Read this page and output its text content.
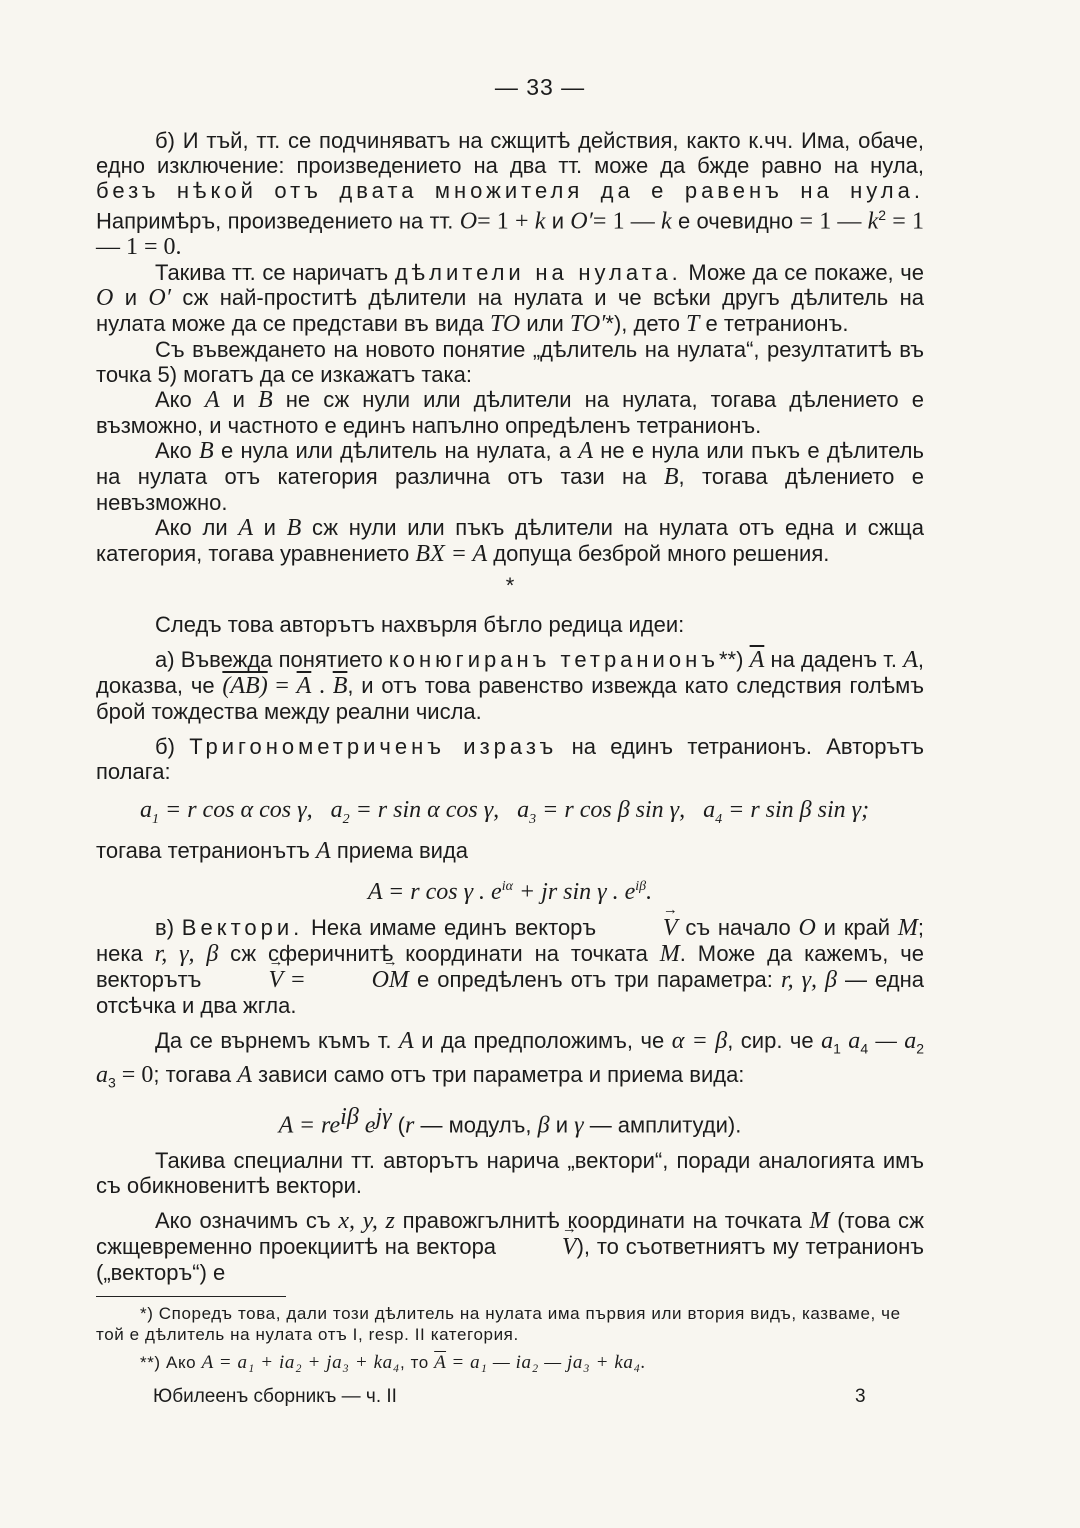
— 33 —

б) И тъй, тт. се подчиняватъ на сжщитѣ действия, както к.чч. Има, обаче, едно изключение: произведението на два тт. може да бжде равно на нула, безъ нѣкой отъ двата множителя да е равенъ на нула. Напримѣръ, произведението на тт. O= 1 + k и O′= 1 — k е очевидно = 1 — $k^2 = 1$ — 1 = 0.

Такива тт. се наричатъ дѣлители на нулата. Може да се покаже, че O и O′ сж най-проститѣ дѣлители на нулата и че всѣки другъ дѣлитель на нулата може да се представи въ вида TO или TO′*), дето T е тетранионъ.

Съ въвеждането на новото понятие „дѣлитель на нулата“, резултатитѣ въ точка 5) могатъ да се изкажатъ така:

Ако A и B не сж нули или дѣлители на нулата, тогава дѣлението е възможно, и частното е единъ напълно опредѣленъ тетранионъ.

Ако B е нула или дѣлитель на нулата, а A не е нула или пъкъ е дѣлитель на нулата отъ категория различна отъ тази на B, тогава дѣлението е невъзможно.

Ако ли A и B сж нули или пъкъ дѣлители на нулата отъ една и сжща категория, тогава уравнението BX = A допуща безброй много решения.

*

Следъ това авторътъ нахвърля бѣгло редица идеи:

а) Въвежда понятието конюгиранъ тетранионъ**) $\overline{A}$ на даденъ т. A, доказва, че $(AB) = \overline{A}$ . $\overline{B}$, и отъ това равенство извежда като следствия голѣмъ брой тождества между реални числа.

б) Тригонометриченъ изразъ на единъ тетранионъ. Авторътъ полага:

$a_1 = r$ cos α cos γ, $a_2 = r$ sin α cos γ, $a_3 = r$ cos β sin γ, $a_4 = r$ sin β sin γ;

тогава тетранионътъ A приема вида

A = r cos γ . $e^{i\alpha}$ + jr sin γ . $e^{i\beta}$.

в) Вектори. Нека имаме единъ векторъ → V съ начало O и край M; нека r, γ, β сж сферичнитѣ координати на точката M. Може да кажемъ, че векторътъ → V = → OM е опредѣленъ отъ три параметра: r, γ, β — една отсѣчка и два жгла.

Да се върнемъ къмъ т. A и да предположимъ, че α = β, сир. че $a_1$ $a_4$ — $a_2$ $a_3 = 0$; тогава A зависи само отъ три параметра и приема вида:

$A = re^{i\beta}$ $e^{j\gamma}$ (r — модулъ, β и γ — амплитуди).

Такива специални тт. авторътъ нарича „вектори“, поради аналогията имъ съ обикновенитѣ вектори.

Ако означимъ съ x, y, z правожгълнитѣ координати на точката M (това сж сжщевременно проекциитѣ на вектора → V), то съответниятъ му тетранионъ („векторъ“) е

*) Споредъ това, дали този дѣлитель на нулата има първия или втория видъ, казваме, че той е дѣлитель на нулата отъ I, resp. II категория.
**) Ако A = a₁ + ia₂ + ja₃ + ka₄, то $\overline{A} = a_1$ — ia₂ — ja₃ + ka₄.
Юбилеенъ сборникъ — ч. II	3
